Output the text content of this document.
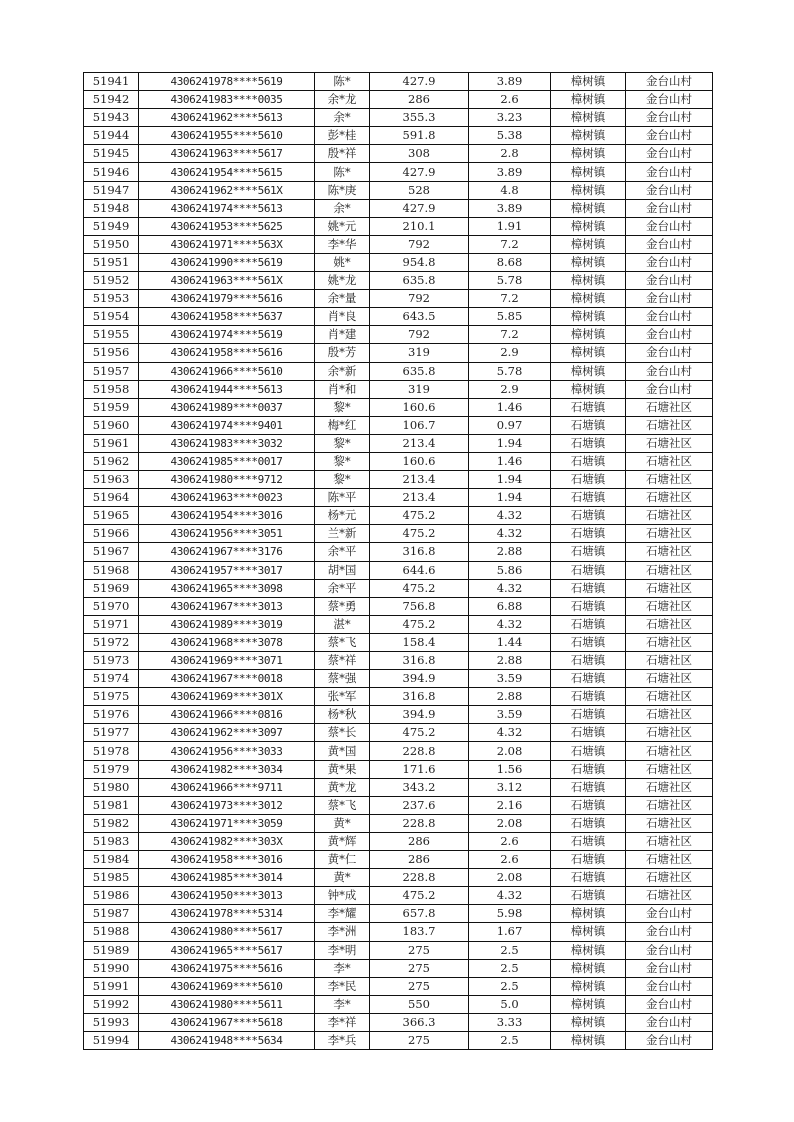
51941	4306241978****5619	陈*	427.9	3.89	樟树镇	金台山村
51942	4306241983****0035	余*龙	286	2.6	樟树镇	金台山村
51943	4306241962****5613	余*	355.3	3.23	樟树镇	金台山村
51944	4306241955****5610	彭*桂	591.8	5.38	樟树镇	金台山村
51945	4306241963****5617	殷*祥	308	2.8	樟树镇	金台山村
51946	4306241954****5615	陈*	427.9	3.89	樟树镇	金台山村
51947	4306241962****561X	陈*庚	528	4.8	樟树镇	金台山村
51948	4306241974****5613	余*	427.9	3.89	樟树镇	金台山村
51949	4306241953****5625	姚*元	210.1	1.91	樟树镇	金台山村
51950	4306241971****563X	李*华	792	7.2	樟树镇	金台山村
51951	4306241990****5619	姚*	954.8	8.68	樟树镇	金台山村
51952	4306241963****561X	姚*龙	635.8	5.78	樟树镇	金台山村
51953	4306241979****5616	余*量	792	7.2	樟树镇	金台山村
51954	4306241958****5637	肖*良	643.5	5.85	樟树镇	金台山村
51955	4306241974****5619	肖*建	792	7.2	樟树镇	金台山村
51956	4306241958****5616	殷*芳	319	2.9	樟树镇	金台山村
51957	4306241966****5610	余*新	635.8	5.78	樟树镇	金台山村
51958	4306241944****5613	肖*和	319	2.9	樟树镇	金台山村
51959	4306241989****0037	黎*	160.6	1.46	石塘镇	石塘社区
51960	4306241974****9401	梅*红	106.7	0.97	石塘镇	石塘社区
51961	4306241983****3032	黎*	213.4	1.94	石塘镇	石塘社区
51962	4306241985****0017	黎*	160.6	1.46	石塘镇	石塘社区
51963	4306241980****9712	黎*	213.4	1.94	石塘镇	石塘社区
51964	4306241963****0023	陈*平	213.4	1.94	石塘镇	石塘社区
51965	4306241954****3016	杨*元	475.2	4.32	石塘镇	石塘社区
51966	4306241956****3051	兰*新	475.2	4.32	石塘镇	石塘社区
51967	4306241967****3176	余*平	316.8	2.88	石塘镇	石塘社区
51968	4306241957****3017	胡*国	644.6	5.86	石塘镇	石塘社区
51969	4306241965****3098	余*平	475.2	4.32	石塘镇	石塘社区
51970	4306241967****3013	蔡*勇	756.8	6.88	石塘镇	石塘社区
51971	4306241989****3019	湛*	475.2	4.32	石塘镇	石塘社区
51972	4306241968****3078	蔡*飞	158.4	1.44	石塘镇	石塘社区
51973	4306241969****3071	蔡*祥	316.8	2.88	石塘镇	石塘社区
51974	4306241967****0018	蔡*强	394.9	3.59	石塘镇	石塘社区
51975	4306241969****301X	张*军	316.8	2.88	石塘镇	石塘社区
51976	4306241966****0816	杨*秋	394.9	3.59	石塘镇	石塘社区
51977	4306241962****3097	蔡*长	475.2	4.32	石塘镇	石塘社区
51978	4306241956****3033	黄*国	228.8	2.08	石塘镇	石塘社区
51979	4306241982****3034	黄*果	171.6	1.56	石塘镇	石塘社区
51980	4306241966****9711	黄*龙	343.2	3.12	石塘镇	石塘社区
51981	4306241973****3012	蔡*飞	237.6	2.16	石塘镇	石塘社区
51982	4306241971****3059	黄*	228.8	2.08	石塘镇	石塘社区
51983	4306241982****303X	黄*辉	286	2.6	石塘镇	石塘社区
51984	4306241958****3016	黄*仁	286	2.6	石塘镇	石塘社区
51985	4306241985****3014	黄*	228.8	2.08	石塘镇	石塘社区
51986	4306241950****3013	钟*成	475.2	4.32	石塘镇	石塘社区
51987	4306241978****5314	李*耀	657.8	5.98	樟树镇	金台山村
51988	4306241980****5617	李*洲	183.7	1.67	樟树镇	金台山村
51989	4306241965****5617	李*明	275	2.5	樟树镇	金台山村
51990	4306241975****5616	李*	275	2.5	樟树镇	金台山村
51991	4306241969****5610	李*民	275	2.5	樟树镇	金台山村
51992	4306241980****5611	李*	550	5.0	樟树镇	金台山村
51993	4306241967****5618	李*祥	366.3	3.33	樟树镇	金台山村
51994	4306241948****5634	李*兵	275	2.5	樟树镇	金台山村
